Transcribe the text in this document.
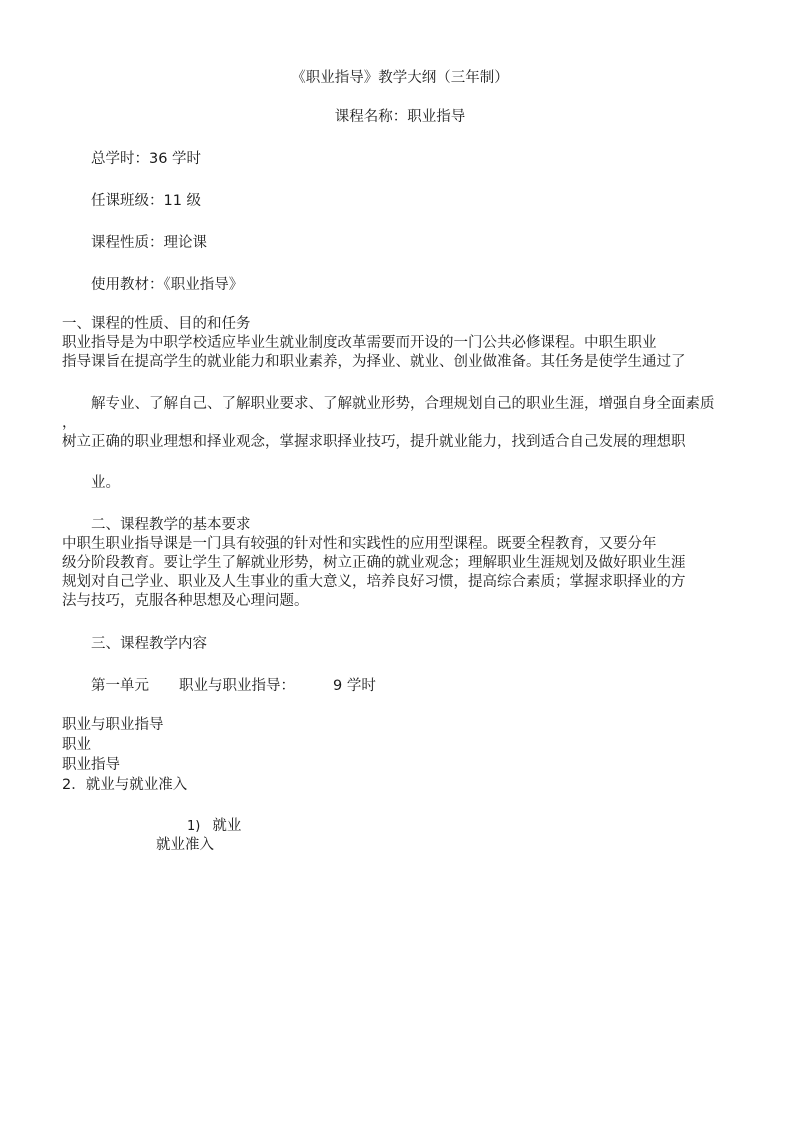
《职业指导》教学大纲（三年制）
课程名称：职业指导
总学时：36 学时
任课班级：11 级
课程性质：理论课
使用教材：《职业指导》
一、课程的性质、目的和任务
职业指导是为中职学校适应毕业生就业制度改革需要而开设的一门公共必修课程。中职生职业
指导课旨在提高学生的就业能力和职业素养，为择业、就业、创业做准备。其任务是使学生通过了
解专业、了解自己、了解职业要求、了解就业形势，合理规划自己的职业生涯，增强自身全面素质
，
树立正确的职业理想和择业观念，掌握求职择业技巧，提升就业能力，找到适合自己发展的理想职
业。
二、课程教学的基本要求
中职生职业指导课是一门具有较强的针对性和实践性的应用型课程。既要全程教育，又要分年
级分阶段教育。要让学生了解就业形势，树立正确的就业观念；理解职业生涯规划及做好职业生涯
规划对自己学业、职业及人生事业的重大意义，培养良好习惯，提高综合素质；掌握求职择业的方
法与技巧，克服各种思想及心理问题。
三、课程教学内容
第一单元 职业与职业指导：	9 学时
职业与职业指导
职业
职业指导
2．就业与就业准入
1) 就业
就业准入
